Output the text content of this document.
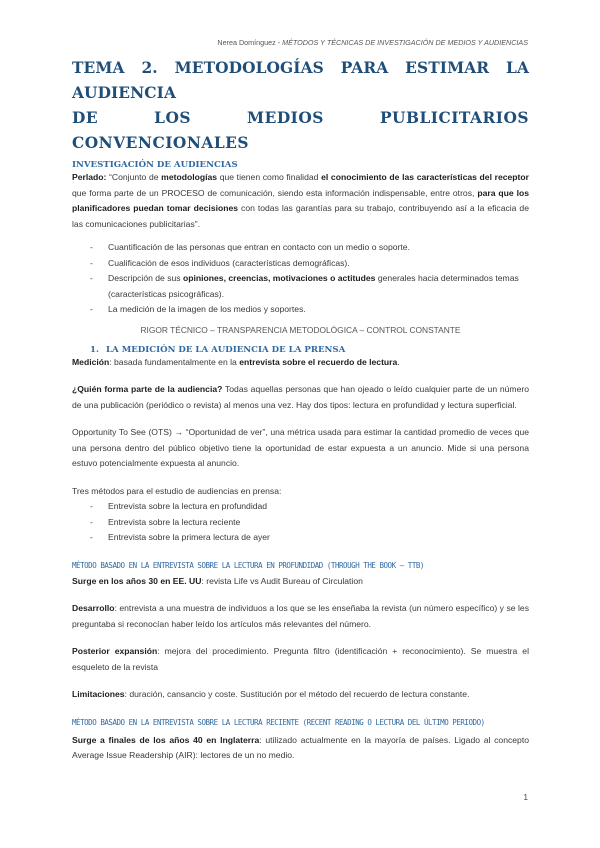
Nerea Domínguez - MÉTODOS Y TÉCNICAS DE INVESTIGACIÓN DE MEDIOS Y AUDIENCIAS
TEMA 2. METODOLOGÍAS PARA ESTIMAR LA AUDIENCIA
DE LOS MEDIOS PUBLICITARIOS CONVENCIONALES
INVESTIGACIÓN DE AUDIENCIAS

Perlado: “Conjunto de metodologías que tienen como finalidad el conocimiento de las características del receptor que forma parte de un PROCESO de comunicación, siendo esta información indispensable, entre otros, para que los planificadores puedan tomar decisiones con todas las garantías para su trabajo, contribuyendo así a la eficacia de las comunicaciones publicitarias”.

- Cuantificación de las personas que entran en contacto con un medio o soporte.
- Cualificación de esos individuos (características demográficas).
- Descripción de sus opiniones, creencias, motivaciones o actitudes generales hacia determinados temas (características psicográficas).
- La medición de la imagen de los medios y soportes.
RIGOR TÉCNICO – TRANSPARENCIA METODOLÓGICA – CONTROL CONSTANTE
1. LA MEDICIÓN DE LA AUDIENCIA DE LA PRENSA

Medición: basada fundamentalmente en la entrevista sobre el recuerdo de lectura.

¿Quién forma parte de la audiencia? Todas aquellas personas que han ojeado o leído cualquier parte de un número de una publicación (periódico o revista) al menos una vez. Hay dos tipos: lectura en profundidad y lectura superficial.

Opportunity To See (OTS) → “Oportunidad de ver”, una métrica usada para estimar la cantidad promedio de veces que una persona dentro del público objetivo tiene la oportunidad de estar expuesta a un anuncio. Mide si una persona estuvo potencialmente expuesta al anuncio.

Tres métodos para el estudio de audiencias en prensa:

- Entrevista sobre la lectura en profundidad
- Entrevista sobre la lectura reciente
- Entrevista sobre la primera lectura de ayer
MÉTODO BASADO EN LA ENTREVISTA SOBRE LA LECTURA EN PROFUNDIDAD (THROUGH THE BOOK – TTB)

Surge en los años 30 en EE. UU: revista Life vs Audit Bureau of Circulation

Desarrollo: entrevista a una muestra de individuos a los que se les enseñaba la revista (un número específico) y se les preguntaba si reconocían haber leído los artículos más relevantes del número.

Posterior expansión: mejora del procedimiento. Pregunta filtro (identificación + reconocimiento). Se muestra el esqueleto de la revista

Limitaciones: duración, cansancio y coste. Sustitución por el método del recuerdo de lectura constante.

MÉTODO BASADO EN LA ENTREVISTA SOBRE LA LECTURA RECIENTE (RECENT READING O LECTURA DEL ÚLTIMO PERIODO)

Surge a finales de los años 40 en Inglaterra: utilizado actualmente en la mayoría de países. Ligado al concepto Average Issue Readership (AIR): lectores de un no medio.

1
